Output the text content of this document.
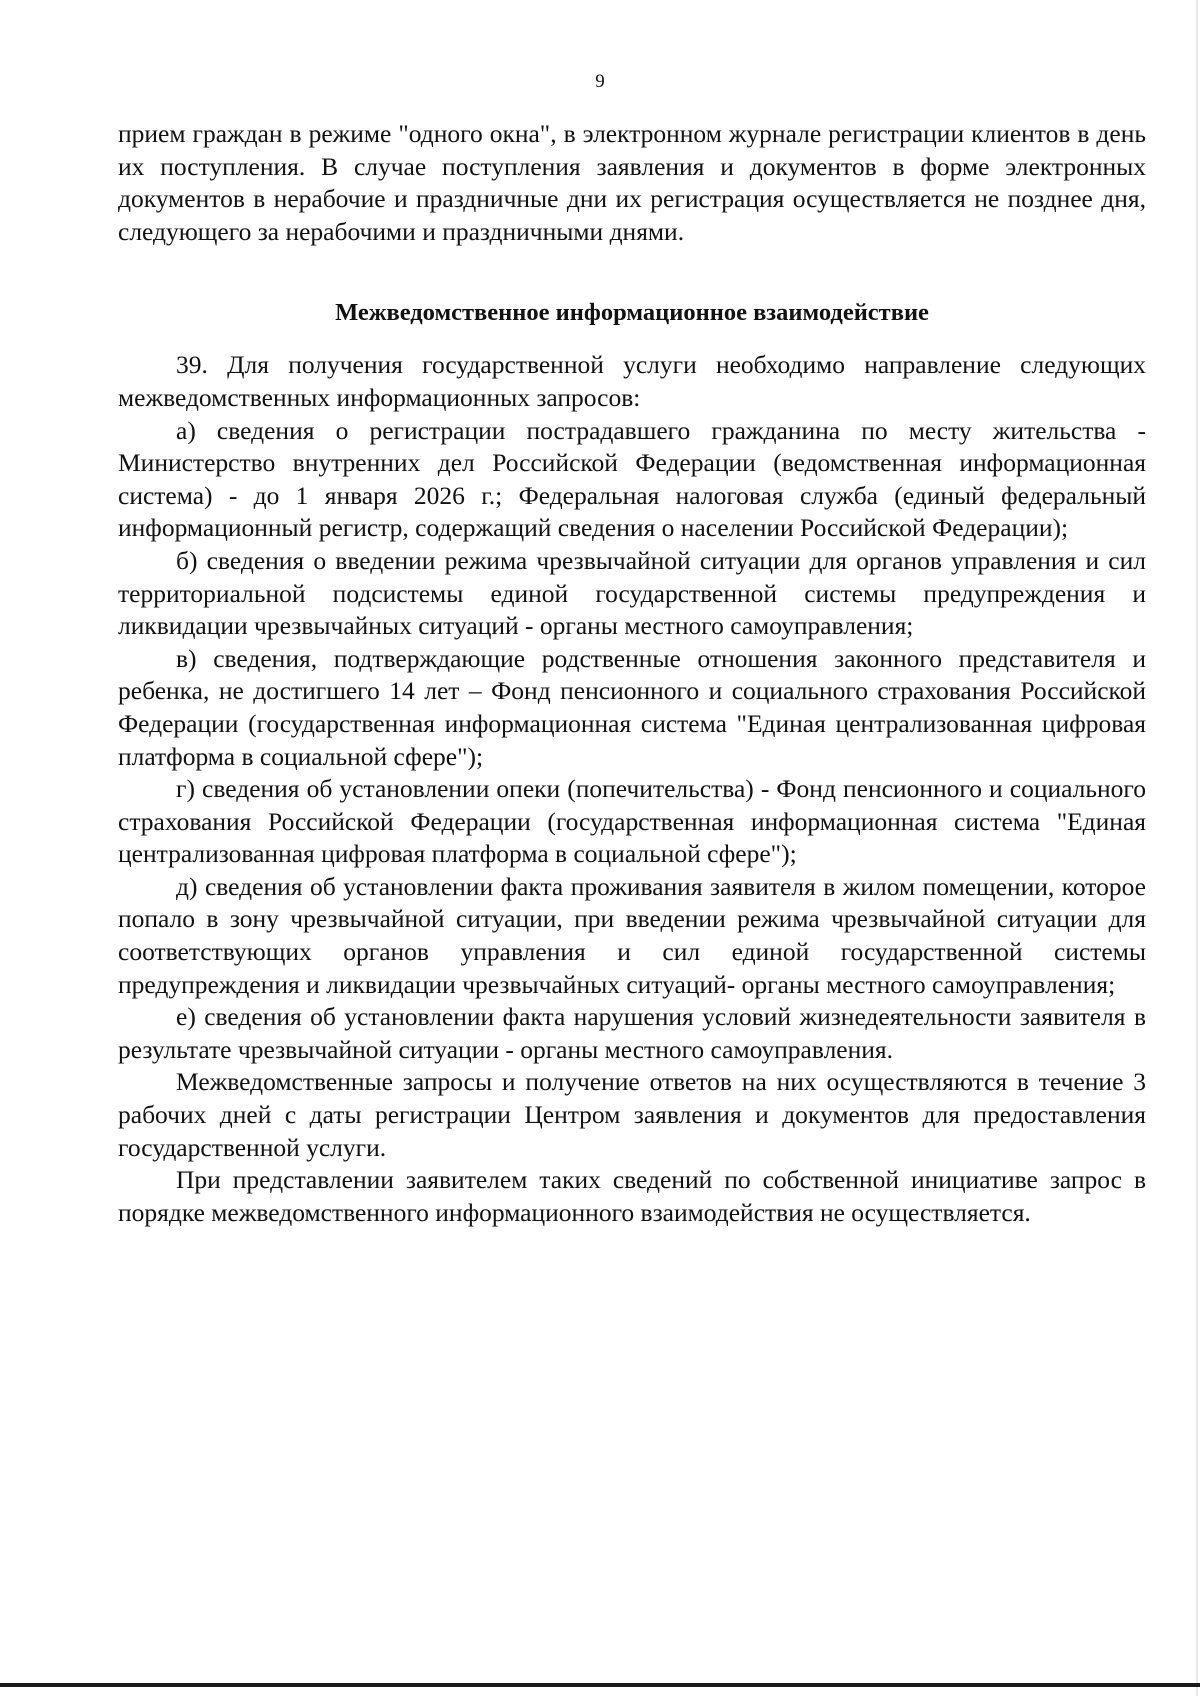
9

прием граждан в режиме "одного окна", в электронном журнале регистрации клиентов в день их поступления. В случае поступления заявления и документов в форме электронных документов в нерабочие и праздничные дни их регистрация осуществляется не позднее дня, следующего за нерабочими и праздничными днями.

Межведомственное информационное взаимодействие

39. Для получения государственной услуги необходимо направление следующих межведомственных информационных запросов:

а) сведения о регистрации пострадавшего гражданина по месту жительства - Министерство внутренних дел Российской Федерации (ведомственная информационная система) - до 1 января 2026 г.; Федеральная налоговая служба (единый федеральный информационный регистр, содержащий сведения о населении Российской Федерации);

б) сведения о введении режима чрезвычайной ситуации для органов управления и сил территориальной подсистемы единой государственной системы предупреждения и ликвидации чрезвычайных ситуаций - органы местного самоуправления;

в) сведения, подтверждающие родственные отношения законного представителя и ребенка, не достигшего 14 лет – Фонд пенсионного и социального страхования Российской Федерации (государственная информационная система "Единая централизованная цифровая платформа в социальной сфере");

г) сведения об установлении опеки (попечительства) - Фонд пенсионного и социального страхования Российской Федерации (государственная информационная система "Единая централизованная цифровая платформа в социальной сфере");

д) сведения об установлении факта проживания заявителя в жилом помещении, которое попало в зону чрезвычайной ситуации, при введении режима чрезвычайной ситуации для соответствующих органов управления и сил единой государственной системы предупреждения и ликвидации чрезвычайных ситуаций- органы местного самоуправления;

е) сведения об установлении факта нарушения условий жизнедеятельности заявителя в результате чрезвычайной ситуации - органы местного самоуправления.

Межведомственные запросы и получение ответов на них осуществляются в течение 3 рабочих дней с даты регистрации Центром заявления и документов для предоставления государственной услуги.

При представлении заявителем таких сведений по собственной инициативе запрос в порядке межведомственного информационного взаимодействия не осуществляется.
